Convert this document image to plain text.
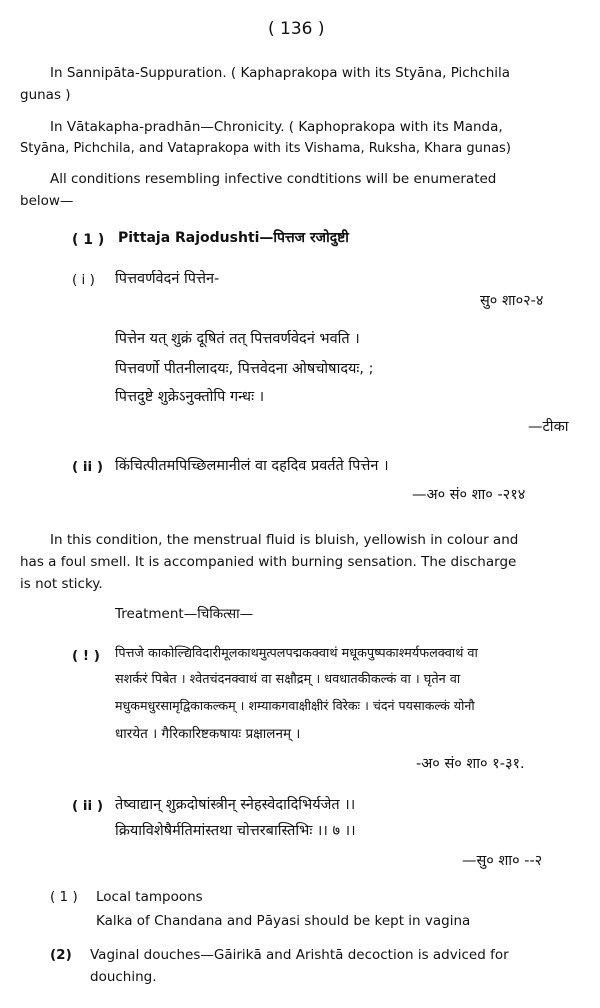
( 136 )
In Sannipāta-Suppuration. ( Kaphaprakopa with its Styāna, Pichchila
gunas )
In Vātakapha-pradhān—Chronicity. ( Kaphoprakopa with its Manda,
Styāna, Pichchila, and Vataprakopa with its Vishama, Ruksha, Khara gunas)
All conditions resembling infective condtitions will be enumerated
below—
( 1 ) Pittaja Rajodushti—पित्तज रजोदुष्टी
( i ) पित्तवर्णवेदनं पित्तेन-
सु० शा०२-४
पित्तेन यत् शुक्रं दूषितं तत् पित्तवर्णवेदनं भवति ।
पित्तवर्णो पीतनीलादयः, पित्तवेदना ओषचोषादयः, ;
पित्तदुष्टे शुक्रेऽनुक्तोपि गन्धः ।
—टीका
( ii ) किंचित्पीतमपिच्छिलमानीलं वा दहदिव प्रवर्तते पित्तेन ।
—अ० सं० शा० -२१४
In this condition, the menstrual fluid is bluish, yellowish in colour and
has a foul smell. It is accompanied with burning sensation. The discharge
is not sticky.
Treatment—चिकित्सा—
( ! ) पित्तजे काकोल्द्यिविदारीमूलकाथमुत्पलपद्मकक्वाथं मधूकपुष्पकाश्मर्यफलक्वाथं वा
सशर्करं पिबेत । श्वेतचंदनक्वाथं वा सक्षौद्रम् । धवधातकीकल्कं वा । घृतेन वा
मधुकमधुरसामृद्विकाकल्कम् । शम्याकगवाक्षीक्षीरं विरेकः । चंदनं पयसाकल्कं योनौ
धारयेत । गैरिकारिष्टकषायः प्रक्षालनम् ।
-अ० सं० शा० १-३१.
( ii ) तेष्वाद्यान् शुक्रदोषांस्त्रीन् स्नेहस्वेदादिभिर्यजेत ।।
क्रियाविशेषैर्मतिमांस्तथा चोत्तरबास्तिभिः ।। ७ ।।
—सु० शा० --२
( 1 ) Local tampoons
Kalka of Chandana and Pāyasi should be kept in vagina
(2) Vaginal douches—Gāirikā and Arishtā decoction is adviced for
douching.
